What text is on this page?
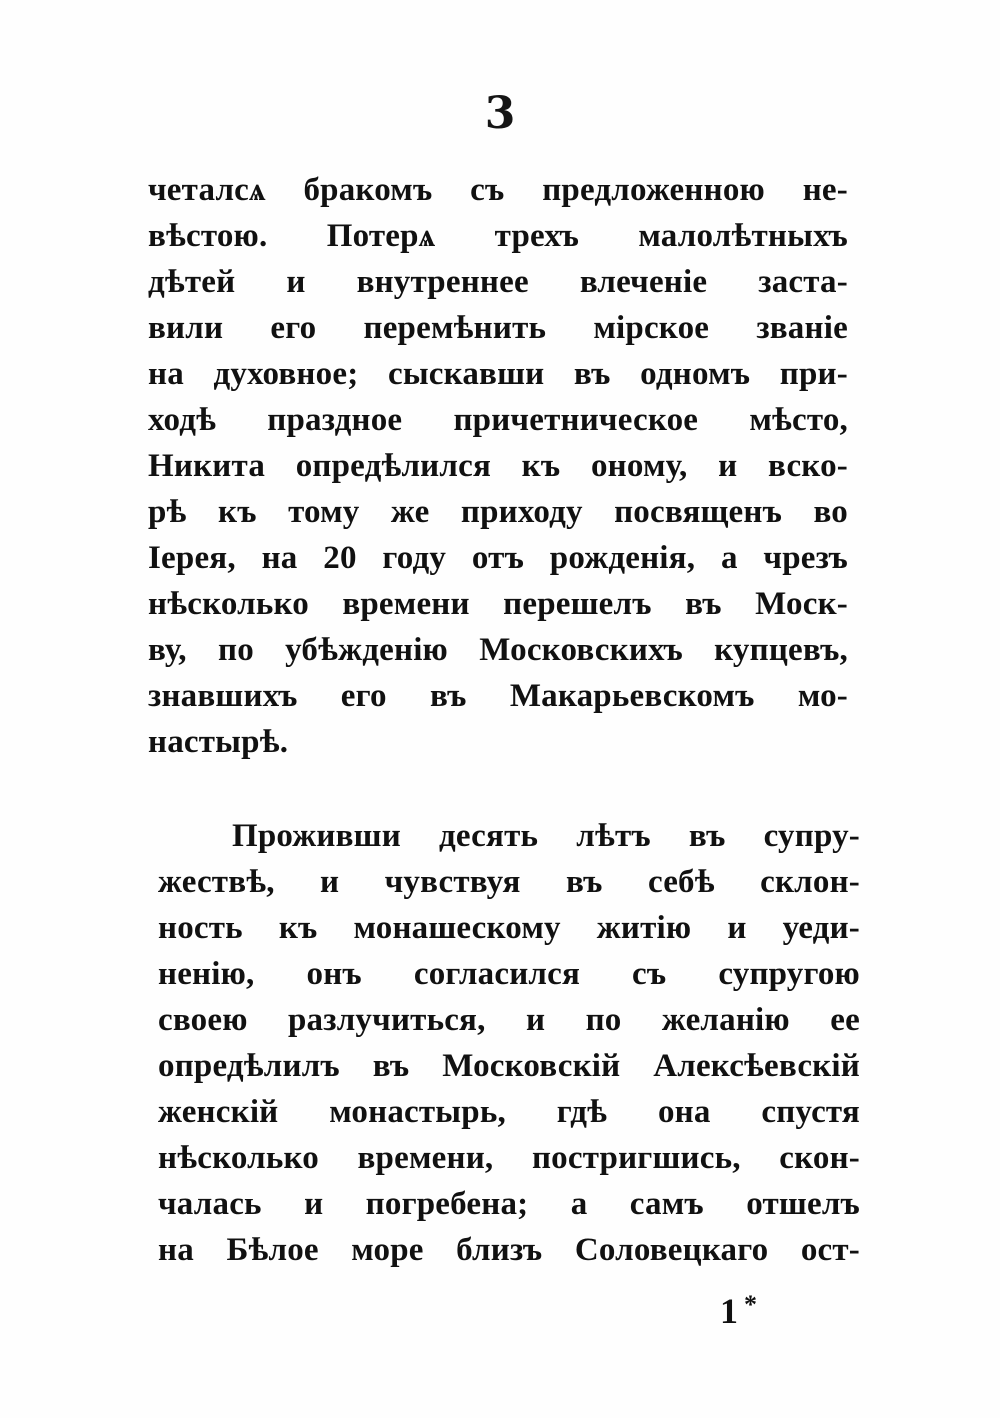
3
четалсѧ бракомъ съ предложенною не-
вѣстою. Потерѧ трехъ малолѣтныхъ
дѣтей и внутреннее влеченіе заста-
вили его перемѣнить мірское званіе
на духовное; сыскавши въ одномъ при-
ходѣ праздное причетническое мѣсто,
Никита опредѣлился къ оному, и вско-
рѣ къ тому же приходу посвященъ во
Іерея, на 20 году отъ рожденія, а чрезъ
нѣсколько времени перешелъ въ Моск-
ву, по убѣжденію Московскихъ купцевъ,
знавшихъ его въ Макарьевскомъ мо-
настырѣ.
Проживши десять лѣтъ въ супру-
жествѣ, и чувствуя въ себѣ склон-
ность къ монашескому житію и уеди-
ненію, онъ согласился съ супругою
своею разлучиться, и по желанію ее
опредѣлилъ въ Московскій Алексѣевскій
женскій монастырь, гдѣ она спустя
нѣсколько времени, постригшись, скон-
чалась и погребена; а самъ отшелъ
на Бѣлое море близъ Соловецкаго ост-
1 *
